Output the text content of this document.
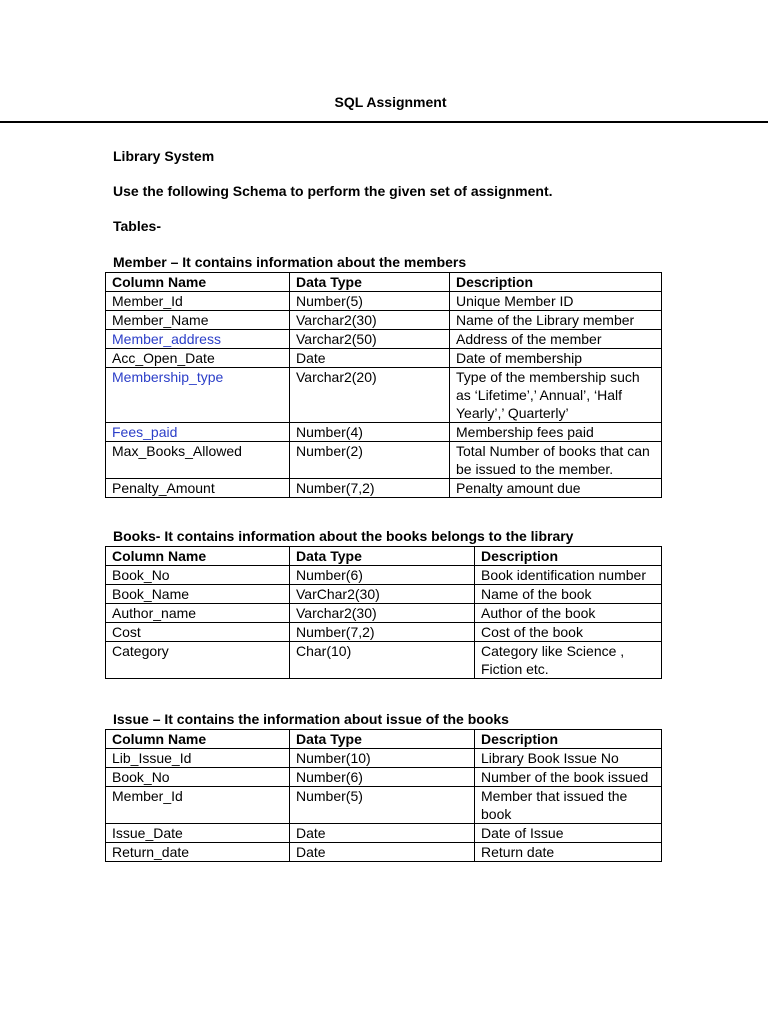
SQL Assignment
Library System
Use the following Schema to perform the given set of assignment.
Tables-
Member – It contains information about the members
Column Name	Data Type	Description
Member_Id	Number(5)	Unique Member ID
Member_Name	Varchar2(30)	Name of the Library member
Member_address	Varchar2(50)	Address of the member
Acc_Open_Date	Date	Date of membership
Membership_type	Varchar2(20)	Type of the membership such as ‘Lifetime’,’ Annual’, ‘Half Yearly’,’ Quarterly’
Fees_paid	Number(4)	Membership fees paid
Max_Books_Allowed	Number(2)	Total Number of books that can be issued to the member.
Penalty_Amount	Number(7,2)	Penalty amount due
Books- It contains information about the books belongs to the library
Column Name	Data Type	Description
Book_No	Number(6)	Book identification number
Book_Name	VarChar2(30)	Name of the book
Author_name	Varchar2(30)	Author of the book
Cost	Number(7,2)	Cost of the book
Category	Char(10)	Category like Science , Fiction etc.
Issue – It contains the information about issue of the books
Column Name	Data Type	Description
Lib_Issue_Id	Number(10)	Library Book Issue No
Book_No	Number(6)	Number of the book issued
Member_Id	Number(5)	Member that issued the book
Issue_Date	Date	Date of Issue
Return_date	Date	Return date
